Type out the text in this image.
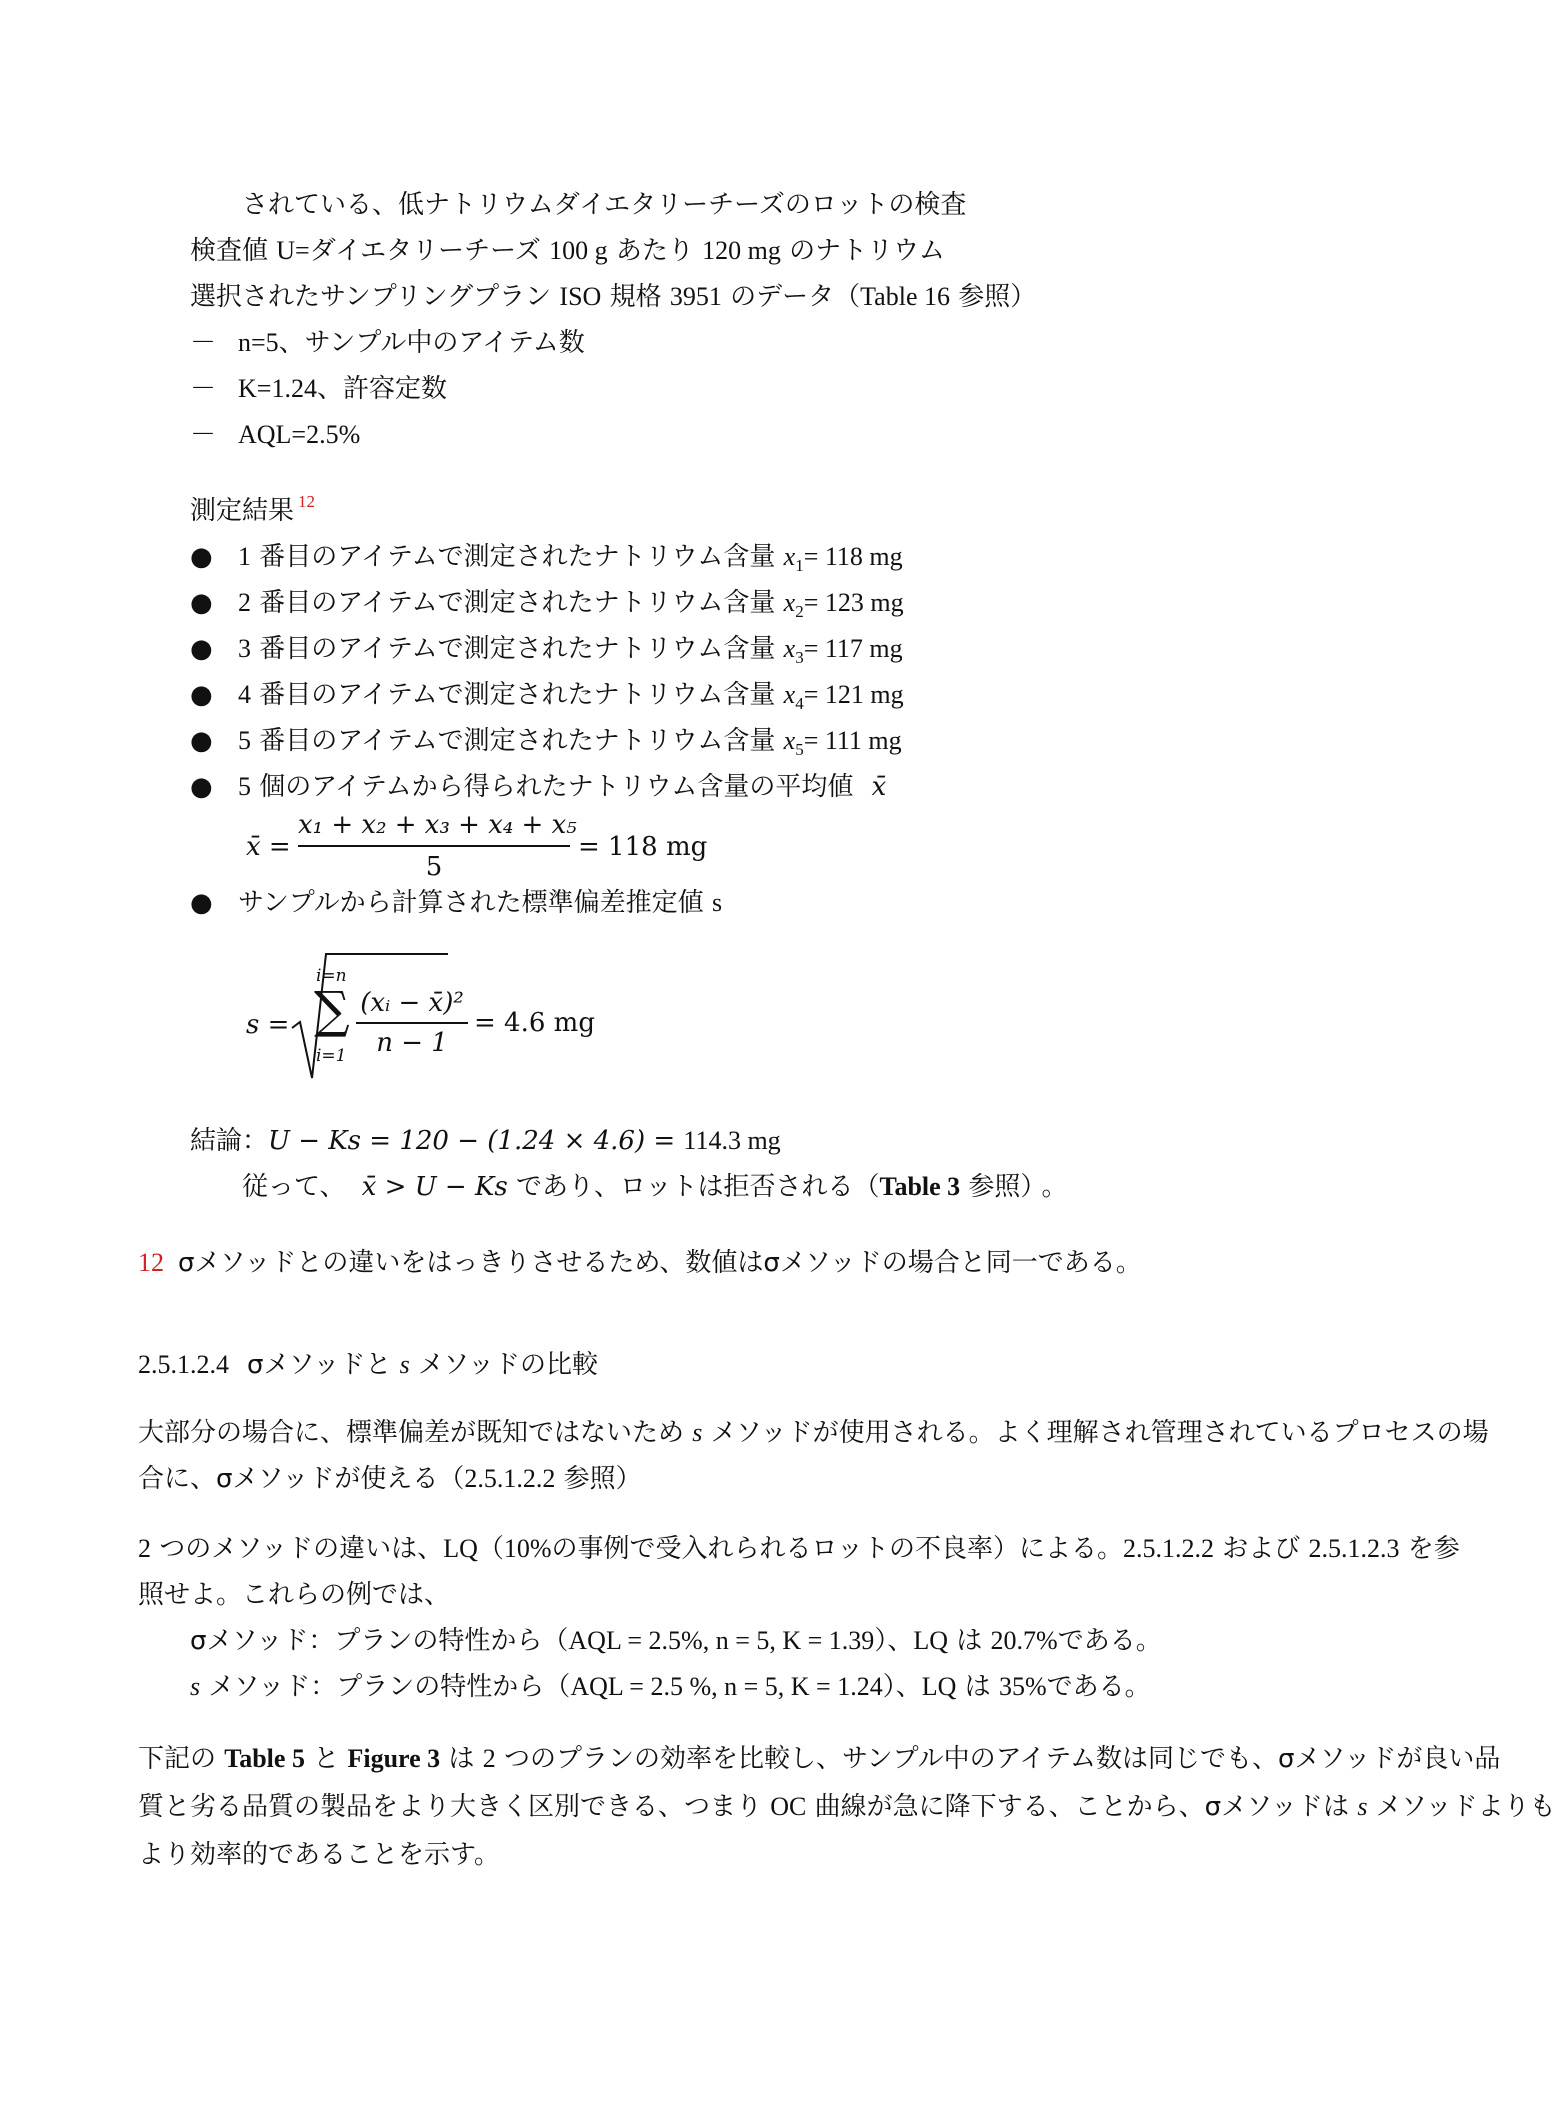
されている、低ナトリウムダイエタリーチーズのロットの検査
検査値 U=ダイエタリーチーズ 100 g あたり 120 mg のナトリウム
選択されたサンプリングプラン ISO 規格 3951 のデータ（Table 16 参照）
－ n=5、サンプル中のアイテム数
－ K=1.24、許容定数
－ AQL=2.5%
測定結果 $^{12}$
● 1 番目のアイテムで測定されたナトリウム含量 $x_1= 118$ mg
● 2 番目のアイテムで測定されたナトリウム含量 $x_2= 123$ mg
● 3 番目のアイテムで測定されたナトリウム含量 $x_3= 117$ mg
● 4 番目のアイテムで測定されたナトリウム含量 $x_4= 121$ mg
● 5 番目のアイテムで測定されたナトリウム含量 $x_5= 111$ mg
● 5 個のアイテムから得られたナトリウム含量の平均値 x̄
x̄ =
x₁ + x₂ + x₃ + x₄ + x₅
5
= 118 mg
● サンプルから計算された標準偏差推定値 s
s =
i=n
∑
i=1
(xᵢ − x̄)²
n − 1
= 4.6 mg
結論：U − Ks = 120 − (1.24 × 4.6) = 114.3 mg
従って、 x̄ > U − Ks であり、ロットは拒否される（Table 3 参照） 。
12 σメソッドとの違いをはっきりさせるため、数値はσメソッドの場合と同一である。
2.5.1.2.4 σメソッドと s メソッドの比較
大部分の場合に、標準偏差が既知ではないため s メソッドが使用される。よく理解され管理されているプロセスの場
合に、σメソッドが使える（2.5.1.2.2 参照）
2 つのメソッドの違いは、LQ（10%の事例で受入れられるロットの不良率）による。2.5.1.2.2 および 2.5.1.2.3 を参
照せよ。これらの例では、
σメソッド：プランの特性から（AQL = 2.5%, n = 5, K = 1.39）、LQ は 20.7%である。
s メソッド：プランの特性から（AQL = 2.5 %, n = 5, K = 1.24）、LQ は 35%である。
下記の Table 5 と Figure 3 は 2 つのプランの効率を比較し、サンプル中のアイテム数は同じでも、σメソッドが良い品
質と劣る品質の製品をより大きく区別できる、つまり OC 曲線が急に降下する、ことから、σメソッドは s メソッドよりも
より効率的であることを示す。
